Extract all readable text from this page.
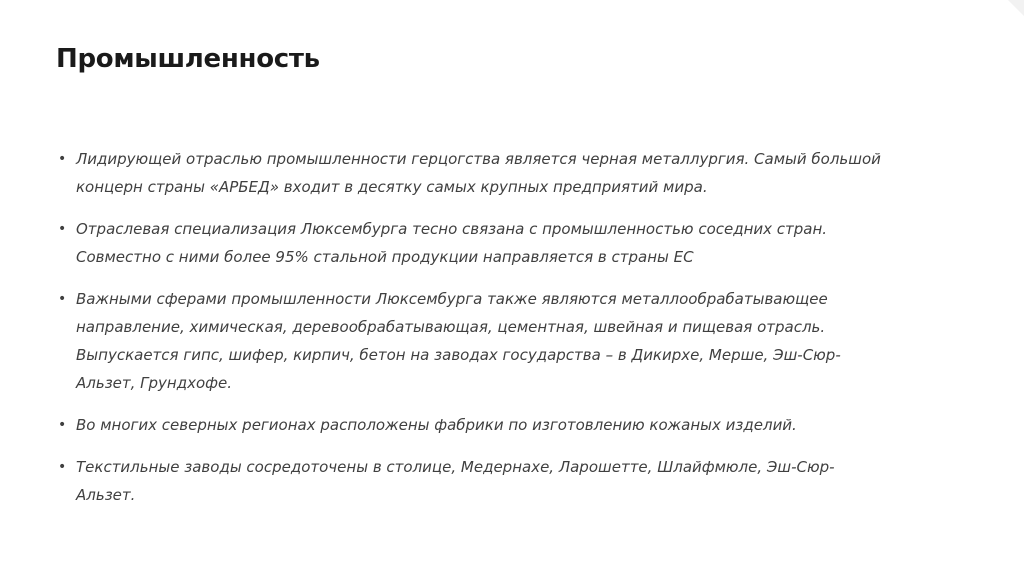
Промышленность
• Лидирующей отраслью промышленности герцогства является черная металлургия. Самый большой
концерн страны «АРБЕД» входит в десятку самых крупных предприятий мира.
• Отраслевая специализация Люксембурга тесно связана с промышленностью соседних стран.
Совместно с ними более 95% стальной продукции направляется в страны ЕС
• Важными сферами промышленности Люксембурга также являются металлообрабатывающее
направление, химическая, деревообрабатывающая, цементная, швейная и пищевая отрасль.
Выпускается гипс, шифер, кирпич, бетон на заводах государства – в Дикирхе, Мерше, Эш-Сюр-
Альзет, Грундхофе.
• Во многих северных регионах расположены фабрики по изготовлению кожаных изделий.
• Текстильные заводы сосредоточены в столице, Медернахе, Ларошетте, Шлайфмюле, Эш-Сюр-
Альзет.
